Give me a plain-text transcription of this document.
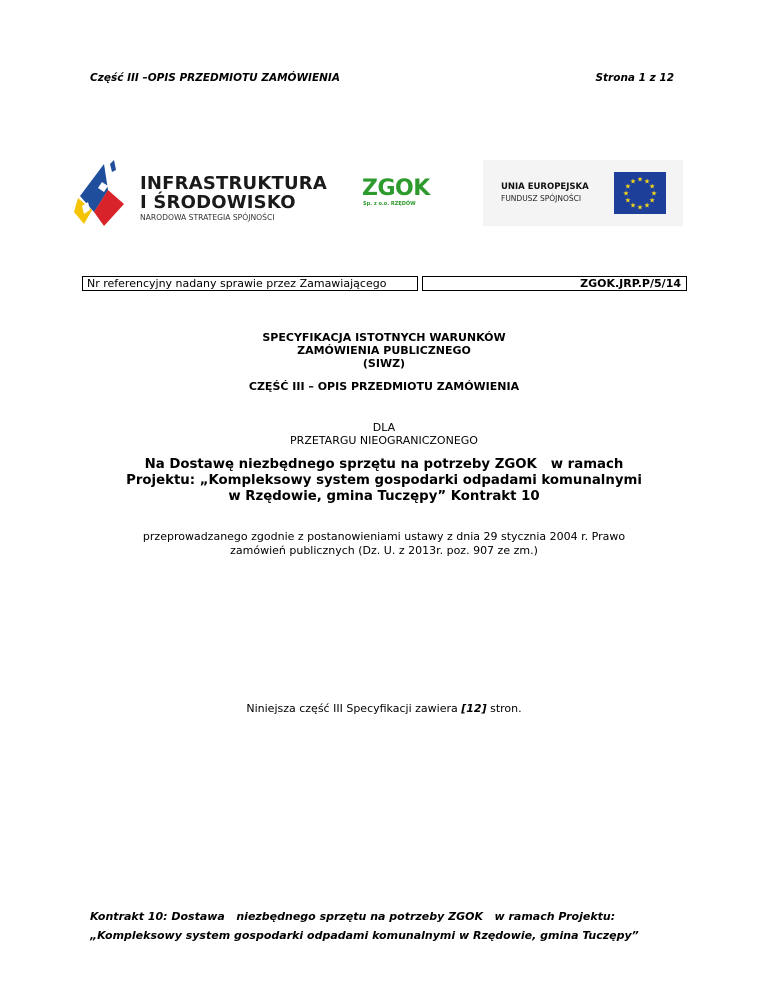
Część III –OPIS PRZEDMIOTU ZAMÓWIENIA	Strona 1 z 12
INFRASTRUKTURA
I ŚRODOWISKO
NARODOWA STRATEGIA SPÓJNOŚCI
ZGOK
Sp. z o.o. RZĘDÓW
UNIA EUROPEJSKA
FUNDUSZ SPÓJNOŚCI
★ ★
★
★
★
★
★
★
★
★
★
★
Nr referencyjny nadany sprawie przez Zamawiającego	ZGOK.JRP.P/5/14
SPECYFIKACJA ISTOTNYCH WARUNKÓW
ZAMÓWIENIA PUBLICZNEGO
(SIWZ)
CZĘŚĆ III – OPIS PRZEDMIOTU ZAMÓWIENIA
DLA
PRZETARGU NIEOGRANICZONEGO
Na Dostawę niezbędnego sprzętu na potrzeby ZGOK   w ramach
Projektu: „Kompleksowy system gospodarki odpadami komunalnymi
w Rzędowie, gmina Tuczępy” Kontrakt 10
przeprowadzanego zgodnie z postanowieniami ustawy z dnia 29 stycznia 2004 r. Prawo
zamówień publicznych (Dz. U. z 2013r. poz. 907 ze zm.)
Niniejsza część III Specyfikacji zawiera [12] stron.
Kontrakt 10: Dostawa   niezbędnego sprzętu na potrzeby ZGOK   w ramach Projektu:
„Kompleksowy system gospodarki odpadami komunalnymi w Rzędowie, gmina Tuczępy”
